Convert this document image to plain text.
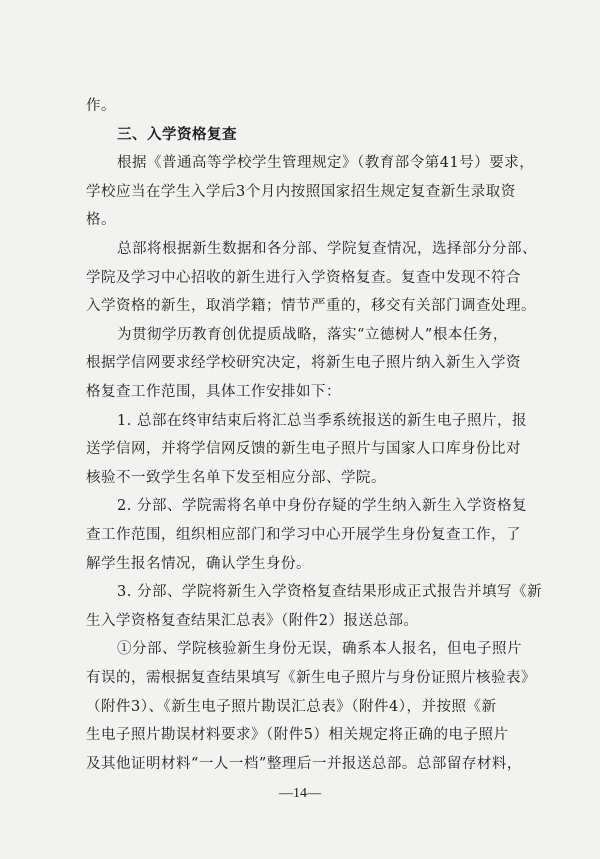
作。
三、入学资格复查
根据《普通高等学校学生管理规定》（教育部令第41号）要求，
学校应当在学生入学后3个月内按照国家招生规定复查新生录取资
格。
总部将根据新生数据和各分部、学院复查情况，选择部分分部、
学院及学习中心招收的新生进行入学资格复查。复查中发现不符合
入学资格的新生，取消学籍；情节严重的，移交有关部门调查处理。
为贯彻学历教育创优提质战略，落实“立德树人”根本任务，
根据学信网要求经学校研究决定，将新生电子照片纳入新生入学资
格复查工作范围，具体工作安排如下：
1. 总部在终审结束后将汇总当季系统报送的新生电子照片，报
送学信网，并将学信网反馈的新生电子照片与国家人口库身份比对
核验不一致学生名单下发至相应分部、学院。
2. 分部、学院需将名单中身份存疑的学生纳入新生入学资格复
查工作范围，组织相应部门和学习中心开展学生身份复查工作，了
解学生报名情况，确认学生身份。
3. 分部、学院将新生入学资格复查结果形成正式报告并填写《新
生入学资格复查结果汇总表》（附件2）报送总部。
①分部、学院核验新生身份无误，确系本人报名，但电子照片
有误的，需根据复查结果填写《新生电子照片与身份证照片核验表》
（附件3）、《新生电子照片勘误汇总表》（附件4），并按照《新
生电子照片勘误材料要求》（附件5）相关规定将正确的电子照片
及其他证明材料“一人一档”整理后一并报送总部。总部留存材料，
—14—
